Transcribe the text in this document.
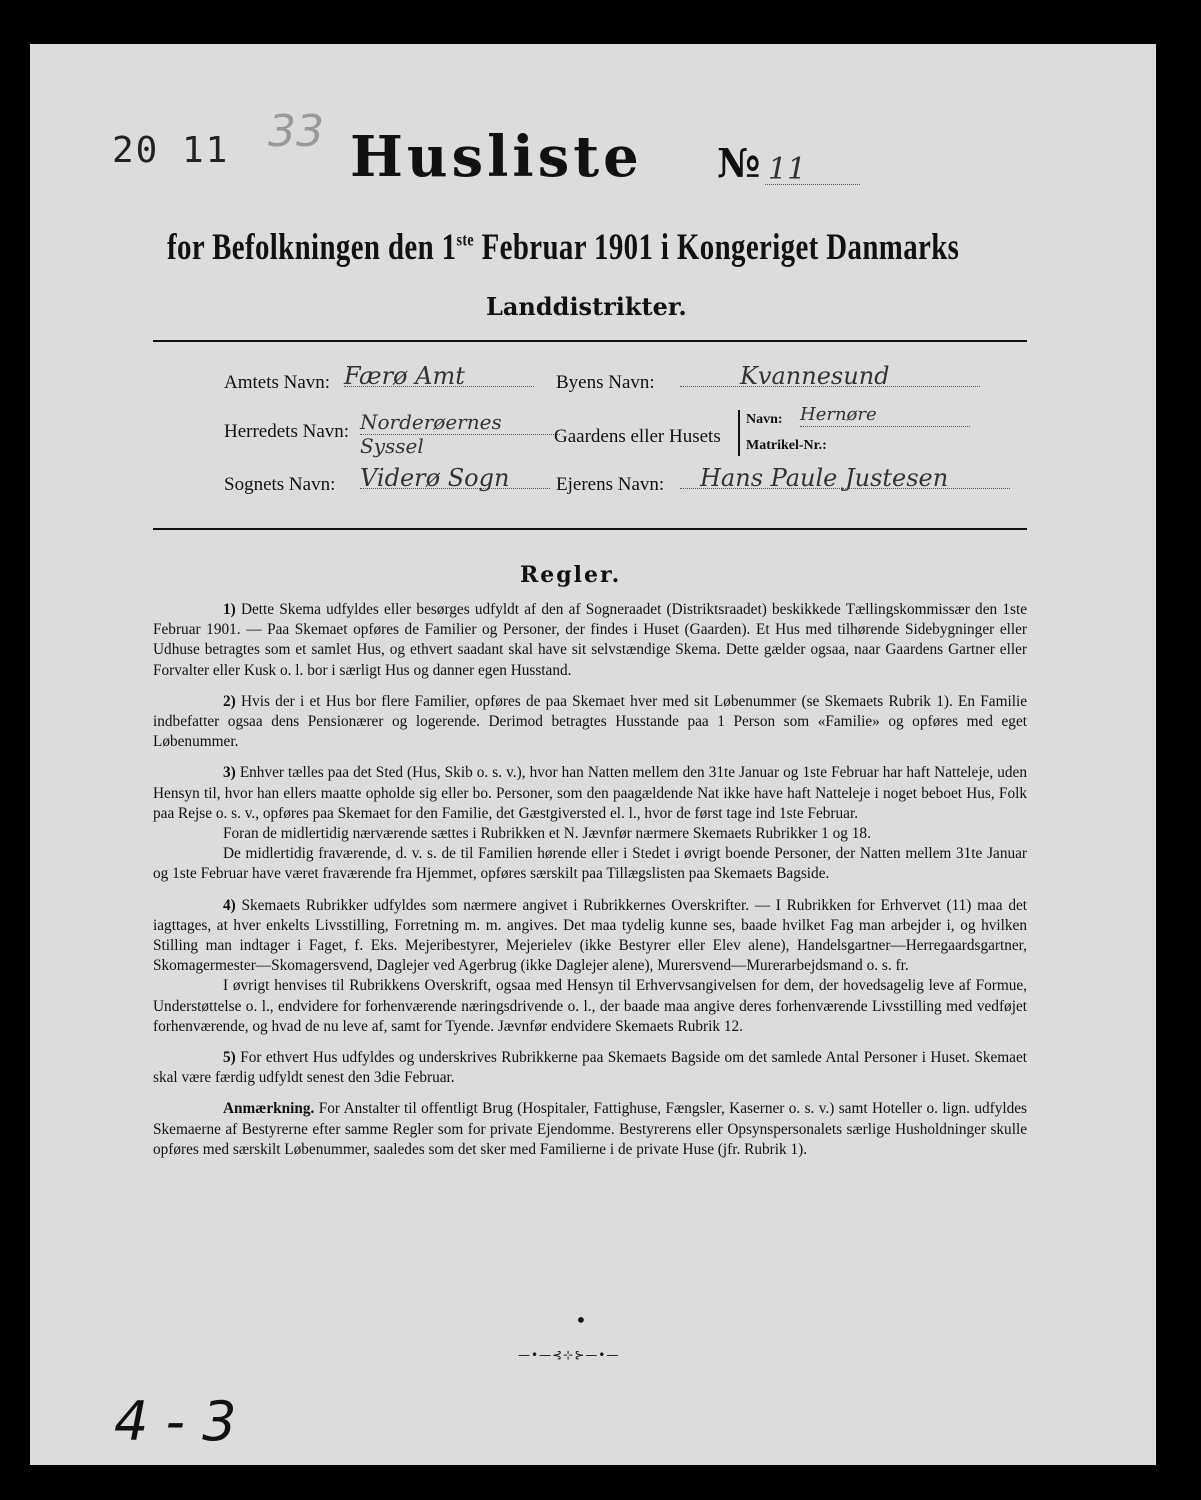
20 11 33 Husliste № 11
for Befolkningen den 1ste Februar 1901 i Kongeriget Danmarks
Landdistrikter.
Amtets Navn: Færø Amt	Byens Navn:	Kvannesund
Herredets Navn: Norderøernes Syssel	Gaardens eller Husets
Navn: Hernøre
Matrikel-Nr.:
Sognets Navn: Viderø Sogn	Ejerens Navn:	Hans Paule Justesen
Regler.

1) Dette Skema udfyldes eller besørges udfyldt af den af Sogneraadet (Distriktsraadet) beskikkede Tællingskommissær den 1ste Februar 1901. — Paa Skemaet opføres de Familier og Personer, der findes i Huset (Gaarden). Et Hus med tilhørende Sidebygninger eller Udhuse betragtes som et samlet Hus, og ethvert saadant skal have sit selvstændige Skema. Dette gælder ogsaa, naar Gaardens Gartner eller Forvalter eller Kusk o. l. bor i særligt Hus og danner egen Husstand.

2) Hvis der i et Hus bor flere Familier, opføres de paa Skemaet hver med sit Løbenummer (se Skemaets Rubrik 1). En Familie indbefatter ogsaa dens Pensionærer og logerende. Derimod betragtes Husstande paa 1 Person som «Familie» og opføres med eget Løbenummer.

3) Enhver tælles paa det Sted (Hus, Skib o. s. v.), hvor han Natten mellem den 31te Januar og 1ste Februar har haft Natteleje, uden Hensyn til, hvor han ellers maatte opholde sig eller bo. Personer, som den paagældende Nat ikke have haft Natteleje i noget beboet Hus, Folk paa Rejse o. s. v., opføres paa Skemaet for den Familie, det Gæstgiversted el. l., hvor de først tage ind 1ste Februar.

Foran de midlertidig nærværende sættes i Rubrikken et N. Jævnfør nærmere Skemaets Rubrikker 1 og 18.

De midlertidig fraværende, d. v. s. de til Familien hørende eller i Stedet i øvrigt boende Personer, der Natten mellem 31te Januar og 1ste Februar have været fraværende fra Hjemmet, opføres særskilt paa Tillægslisten paa Skemaets Bagside.

4) Skemaets Rubrikker udfyldes som nærmere angivet i Rubrikkernes Overskrifter. — I Rubrikken for Erhvervet (11) maa det iagttages, at hver enkelts Livsstilling, Forretning m. m. angives. Det maa tydelig kunne ses, baade hvilket Fag man arbejder i, og hvilken Stilling man indtager i Faget, f. Eks. Mejeribestyrer, Mejerielev (ikke Bestyrer eller Elev alene), Handelsgartner—Herregaardsgartner, Skomagermester—Skomagersvend, Daglejer ved Agerbrug (ikke Daglejer alene), Murersvend—Murerarbejdsmand o. s. fr.

I øvrigt henvises til Rubrikkens Overskrift, ogsaa med Hensyn til Erhvervsangivelsen for dem, der hovedsagelig leve af Formue, Understøttelse o. l., endvidere for forhenværende næringsdrivende o. l., der baade maa angive deres forhenværende Livsstilling med vedføjet forhenværende, og hvad de nu leve af, samt for Tyende. Jævnfør endvidere Skemaets Rubrik 12.

5) For ethvert Hus udfyldes og underskrives Rubrikkerne paa Skemaets Bagside om det samlede Antal Personer i Huset. Skemaet skal være færdig udfyldt senest den 3die Februar.

Anmærkning. For Anstalter til offentligt Brug (Hospitaler, Fattighuse, Fængsler, Kaserner o. s. v.) samt Hoteller o. lign. udfyldes Skemaerne af Bestyrerne efter samme Regler som for private Ejendomme. Bestyrerens eller Opsynspersonalets særlige Husholdninger skulle opføres med særskilt Løbenummer, saaledes som det sker med Familierne i de private Huse (jfr. Rubrik 1).

•
—•—⊰⊹⊱—•—
4 - 3
